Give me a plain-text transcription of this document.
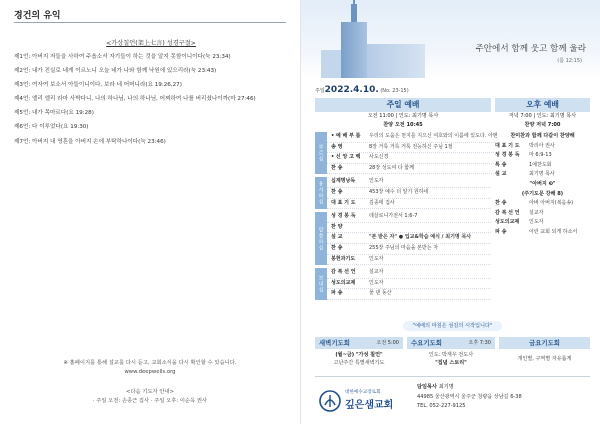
경건의 유익
<가상칠언(架上七言) 성경구절>
제1언: 아버지 저들을 사하여 주옵소서 자기들이 하는 것을 알지 못함이니이다(눅 23:34)
제2언: 내가 진실로 네게 이르노니 오늘 네가 나와 함께 낙원에 있으리라(눅 23:43)
제3언: 여자여 보소서 아들이니이다, 보라 네 어머니라(요 19:26,27)
제4언: 엘리 엘리 라마 사박다니, 나의 하나님, 나의 하나님, 어찌하여 나를 버리셨나이까(마 27:46)
제5언: 내가 목마르다(요 19:28)
제6언: 다 이루었다(요 19:30)
제7언: 아버지 내 영혼을 아버지 손에 부탁하나이다(눅 23:46)
※ 홈페이지를 통해 설교를 다시 듣고, 교회소식을 다시 확인할 수 있습니다.
www.deepwells.org
<다음 기도자 안내>
· 주일 오전: 손종근 집사 · 주일 오후: 이순옥 권사
주안에서 함께 웃고 함께 울라
(롬 12:15)
주일2022.4.10. (No. 23-15)
주일 예배	오후 예배
오전 11:00 | 인도: 최기명 목사
찬양 오전 10:45
부르심
• 예 배 부 름	우리의 도움은 천지를 지으신 여호와의 이름에 있도다. 아멘
송 영	8장 거룩 거룩 거룩 전능하신 주님 1절
• 신 앙 고 백	사도신경
찬 송	28장 성도여 다 함께
용서하심	십계명낭독	인도자
찬 송	453장 예수 더 알기 원하네
대 표 기 도	김종태 집사
말씀하심
성 경 봉 독	데살로니가전서 1:6-7
찬 양
설 교	"본 받은 자" ● 입교&학습 예식 / 최기명 목사
찬 송	255장 주님의 마음을 본받는 자
봉헌과기도	인도자
보내심
감 복 선 언	설교자
성도의교제	인도자
파 송	물 댄 동산
저녁 7:00 | 인도: 최기명 목사
찬양 저녁 7:00
찬미찬과 함께 다같이 찬양해
대 표 기 도	박리아 권사
성 경 봉 독	마 6:9-13
특 송	1예찬도회
설 교	최기명 목사
"아버지 ❸"
(주기도문 강해 8)
찬 송	아버 아버지(복음송)
감 복 선 언	설교자
성도의교제	인도자
파 송	이런 교회 되게 하소서
"예배의 마침은 섬김의 시작입니다"
새벽기도회	오전 5:00	수요기도회	오후 7:30	금요기도회
(월~금) "가성 칠언"
고난주간 특별새벽기도
인도: 박재우 전도사
"집념 스토리"
개인별, 구역별 자유롭게
대한예수교장로회
깊은샘교회
담임목사 최기명
44985 울산광역시 울주군 청량읍 상남길 6-38
TEL. 052-227-9125
